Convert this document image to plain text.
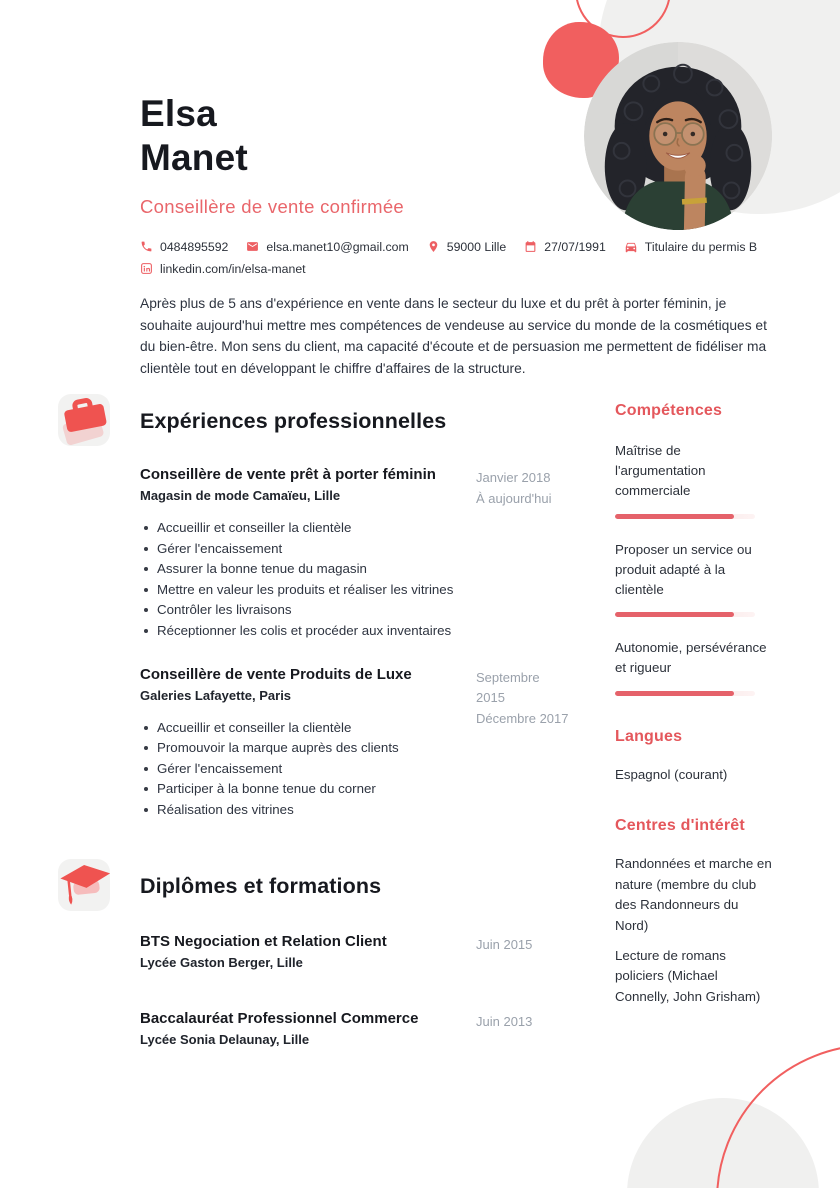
Elsa
Manet
Conseillère de vente confirmée
0484895592	elsa.manet10@gmail.com	59000 Lille	27/07/1991	Titulaire du permis B
linkedin.com/in/elsa-manet

Après plus de 5 ans d'expérience en vente dans le secteur du luxe et du prêt à porter féminin, je souhaite aujourd'hui mettre mes compétences de vendeuse au service du monde de la cosmétiques et du bien-être. Mon sens du client, ma capacité d'écoute et de persuasion me permettent de fidéliser ma clientèle tout en développant le chiffre d'affaires de la structure.

Expériences professionnelles
Conseillère de vente prêt à porter féminin
Magasin de mode Camaïeu, Lille
Accueillir et conseiller la clientèle
Gérer l'encaissement
Assurer la bonne tenue du magasin
Mettre en valeur les produits et réaliser les vitrines
Contrôler les livraisons
Réceptionner les colis et procéder aux inventaires
Janvier 2018
À aujourd'hui
Conseillère de vente Produits de Luxe
Galeries Lafayette, Paris
Accueillir et conseiller la clientèle
Promouvoir la marque auprès des clients
Gérer l'encaissement
Participer à la bonne tenue du corner
Réalisation des vitrines
Septembre 2015
Décembre 2017
Diplômes et formations
BTS Negociation et Relation Client
Lycée Gaston Berger, Lille
Juin 2015
Baccalauréat Professionnel Commerce
Lycée Sonia Delaunay, Lille
Juin 2013
Compétences
Maîtrise de l'argumentation commerciale
Proposer un service ou produit adapté à la clientèle
Autonomie, persévérance et rigueur
Langues
Espagnol (courant)
Centres d'intérêt
Randonnées et marche en nature (membre du club des Randonneurs du Nord)
Lecture de romans policiers (Michael Connelly, John Grisham)
